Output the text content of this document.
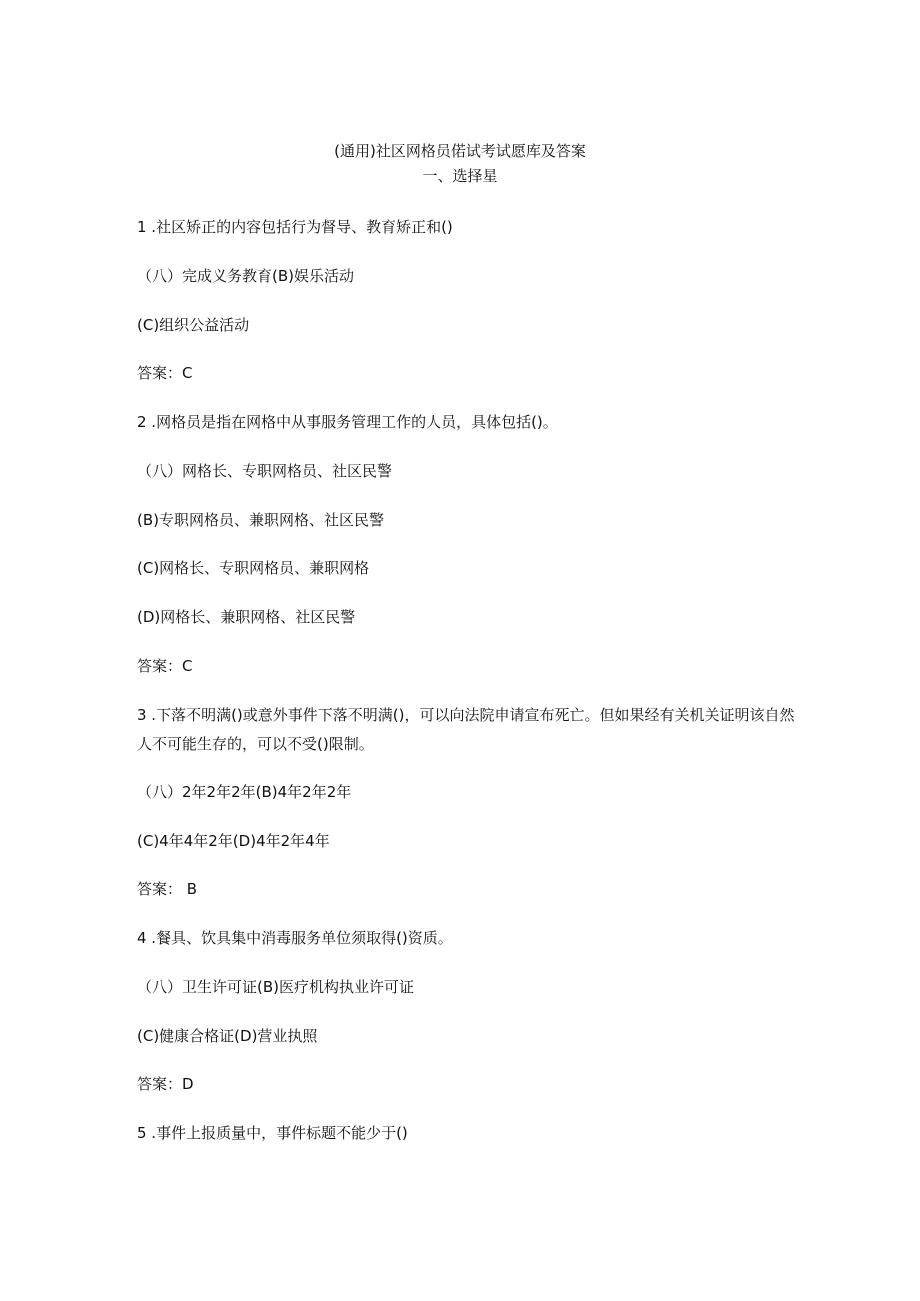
(通用)社区网格员偌试考试愿库及答案
一、选择星
1 .社区矫正的内容包括行为督导、教育矫正和()
（八）完成义务教育(B)娱乐活动
(C)组织公益活动
答案：C
2 .网格员是指在网格中从事服务管理工作的人员，具体包括()。
（八）网格长、专职网格员、社区民警
(B)专职网格员、兼职网格、社区民警
(C)网格长、专职网格员、兼职网格
(D)网格长、兼职网格、社区民警
答案：C
3 .下落不明满()或意外事件下落不明满()，可以向法院申请宣布死亡。但如果经有关机关证明该自然
人不可能生存的，可以不受()限制。
（八）2年2年2年(B)4年2年2年
(C)4年4年2年(D)4年2年4年
答案： B
4 .餐具、饮具集中消毒服务单位须取得()资质。
（八）卫生许可证(B)医疗机构执业许可证
(C)健康合格证(D)营业执照
答案：D
5 .事件上报质量中，事件标题不能少于()
